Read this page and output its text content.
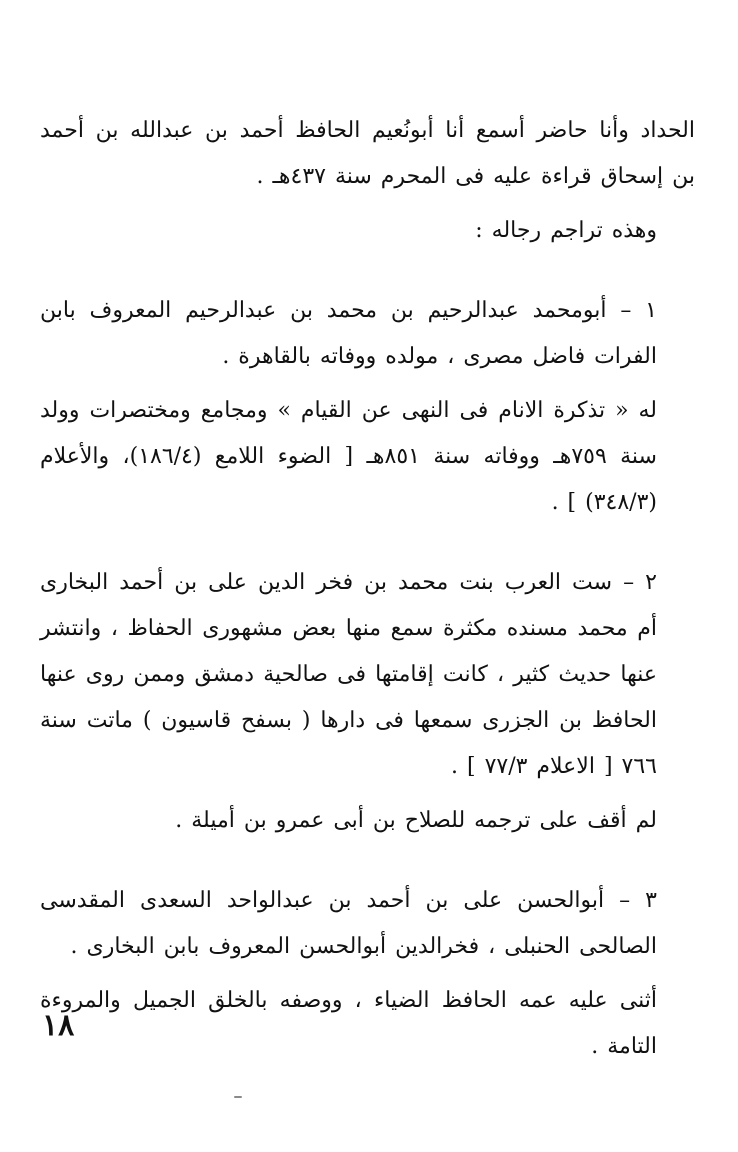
الحداد وأنا حاضر أسمع أنا أبونُعيم الحافظ أحمد بن عبدالله بن أحمد بن إسحاق قراءة عليه فى المحرم سنة ٤٣٧هـ .

وهذه تراجم رجاله :

١ – أبومحمد عبدالرحيم بن محمد بن عبدالرحيم المعروف بابن الفرات فاضل مصرى ، مولده ووفاته بالقاهرة .

له « تذكرة الانام فى النهى عن القيام » ومجامع ومختصرات وولد سنة ٧٥٩هـ ووفاته سنة ٨٥١هـ [ الضوء اللامع (١٨٦/٤)، والأعلام (٣٤٨/٣) ] .

٢ – ست العرب بنت محمد بن فخر الدين على بن أحمد البخارى أم محمد مسنده مكثرة سمع منها بعض مشهورى الحفاظ ، وانتشر عنها حديث كثير ، كانت إقامتها فى صالحية دمشق وممن روى عنها الحافظ بن الجزرى سمعها فى دارها ( بسفح قاسيون ) ماتت سنة ٧٦٦ [ الاعلام ٧٧/٣ ] .

لم أقف على ترجمه للصلاح بن أبى عمرو بن أميلة .

٣ – أبوالحسن على بن أحمد بن عبدالواحد السعدى المقدسى الصالحى الحنبلى ، فخرالدين أبوالحسن المعروف بابن البخارى .

أثنى عليه عمه الحافظ الضياء ، ووصفه بالخلق الجميل والمروءة التامة .

١٨
